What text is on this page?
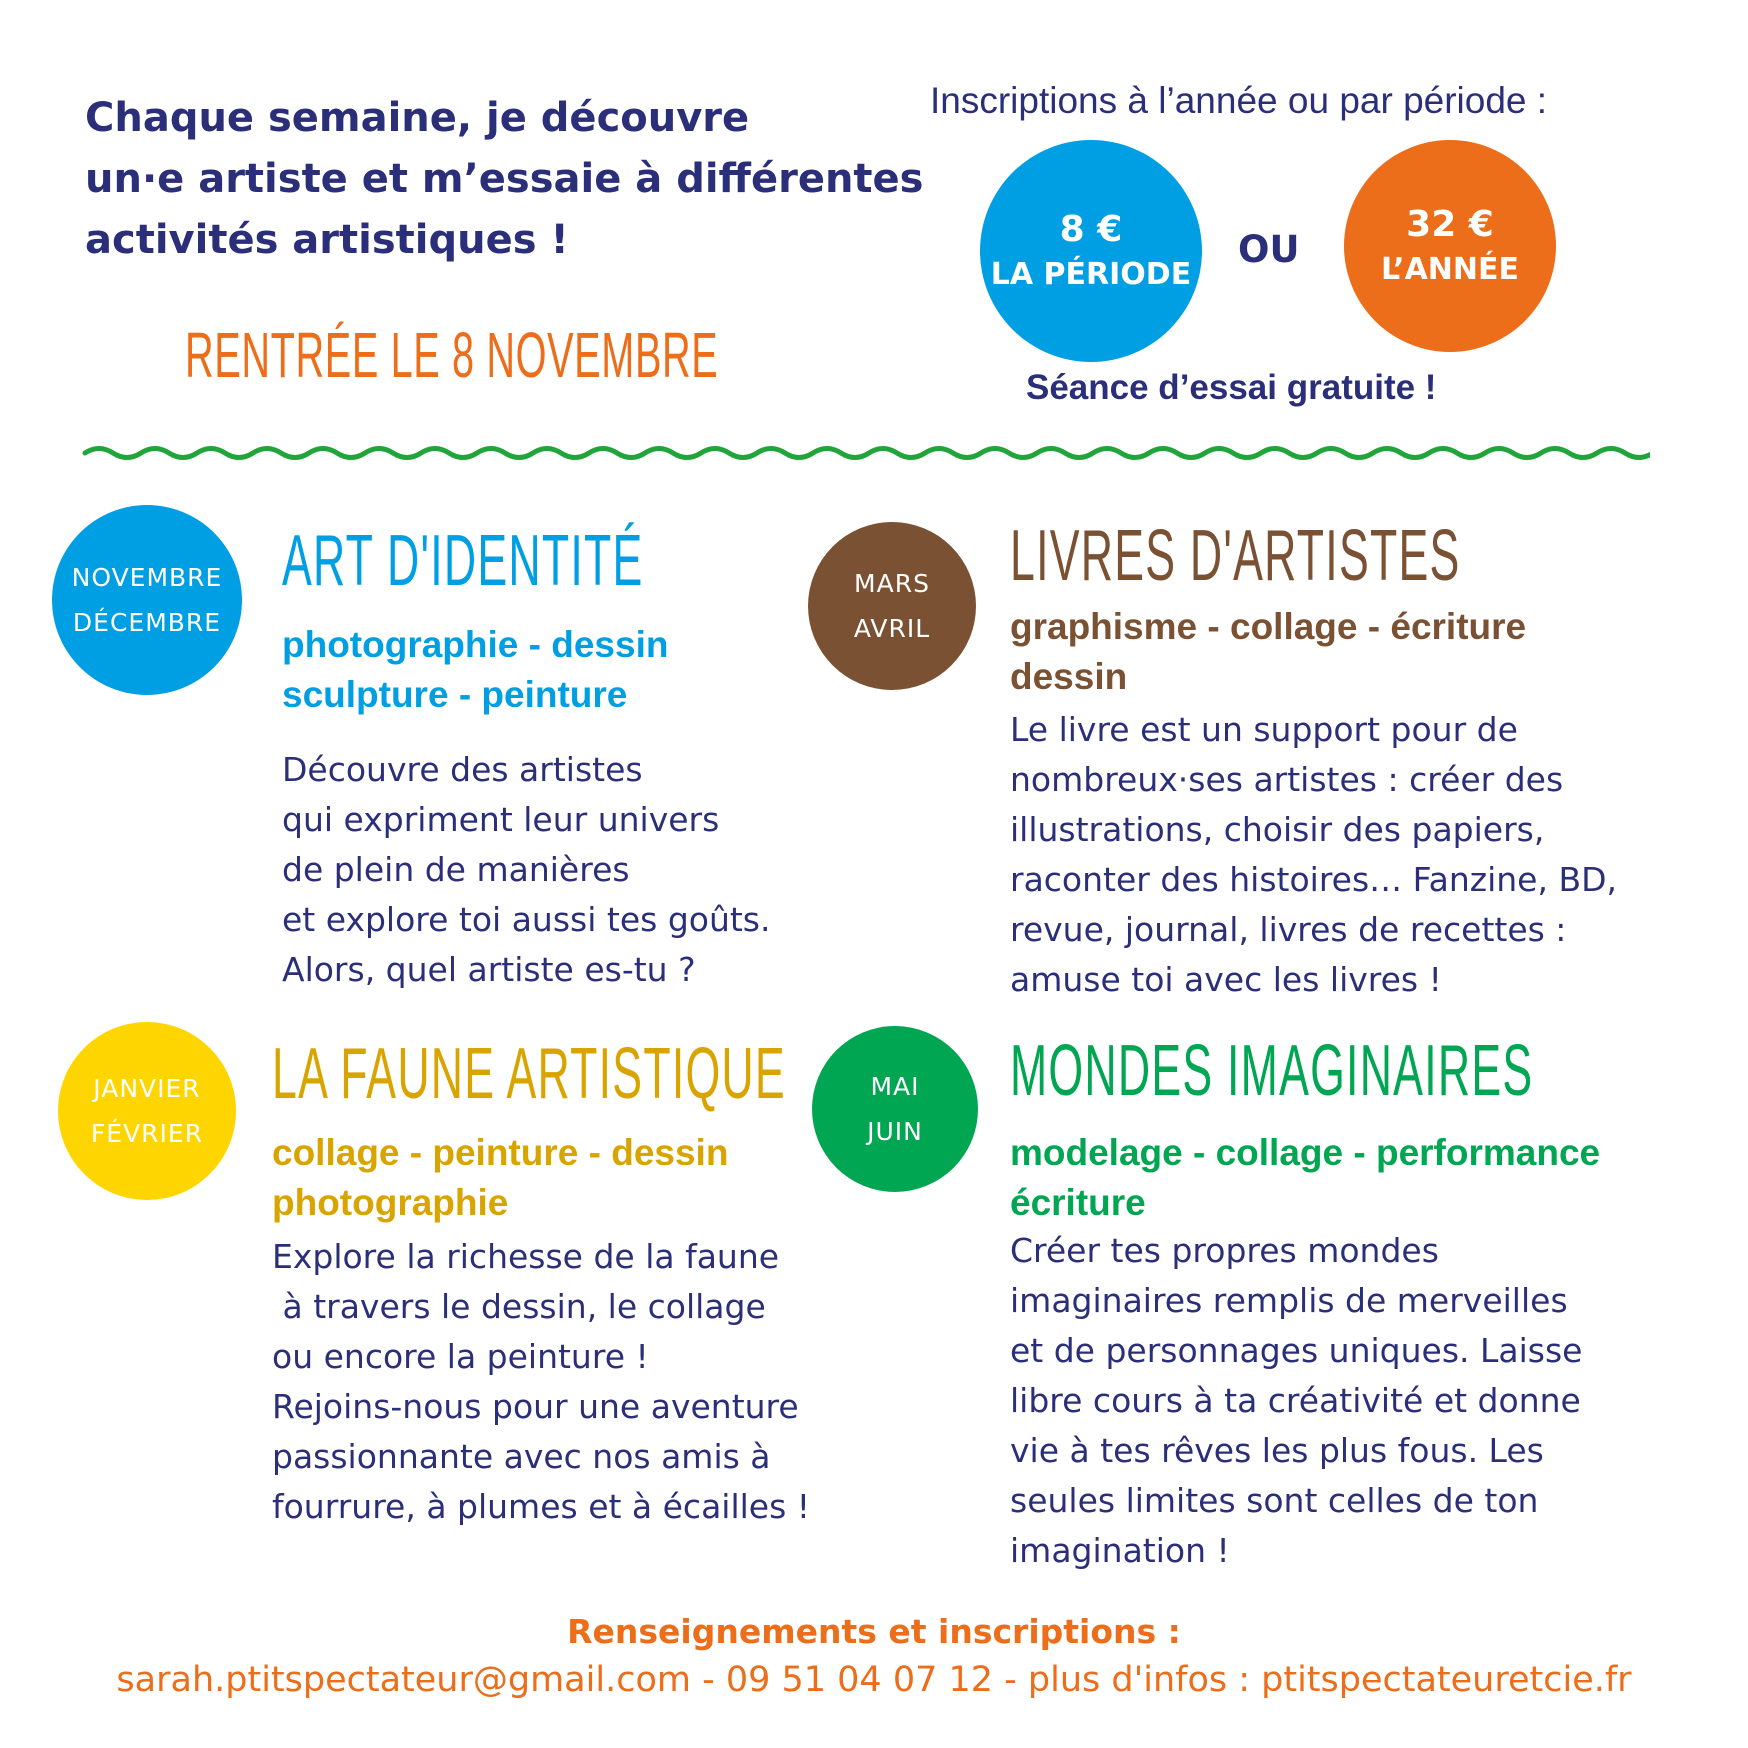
Chaque semaine, je découvre
un·e artiste et m’essaie à différentes
activités artistiques !
RENTRÉE LE 8 NOVEMBRE
Inscriptions à l’année ou par période :
8 €
LA PÉRIODE
OU
32 €
L’ANNÉE
Séance d’essai gratuite !
NOVEMBRE
DÉCEMBRE
ART D'IDENTITÉ
photographie - dessin
sculpture - peinture
Découvre des artistes
qui expriment leur univers
de plein de manières
et explore toi aussi tes goûts.
Alors, quel artiste es-tu ?
MARS
AVRIL
LIVRES D'ARTISTES
graphisme - collage - écriture
dessin
Le livre est un support pour de
nombreux·ses artistes : créer des
illustrations, choisir des papiers,
raconter des histoires… Fanzine, BD,
revue, journal, livres de recettes :
amuse toi avec les livres !
JANVIER
FÉVRIER
LA FAUNE ARTISTIQUE
collage - peinture - dessin
photographie
Explore la richesse de la faune
à travers le dessin, le collage
ou encore la peinture !
Rejoins-nous pour une aventure
passionnante avec nos amis à
fourrure, à plumes et à écailles !
MAI
JUIN
MONDES IMAGINAIRES
modelage - collage - performance
écriture
Créer tes propres mondes
imaginaires remplis de merveilles
et de personnages uniques. Laisse
libre cours à ta créativité et donne
vie à tes rêves les plus fous. Les
seules limites sont celles de ton
imagination !
Renseignements et inscriptions :
sarah.ptitspectateur@gmail.com - 09 51 04 07 12 - plus d'infos : ptitspectateuretcie.fr
